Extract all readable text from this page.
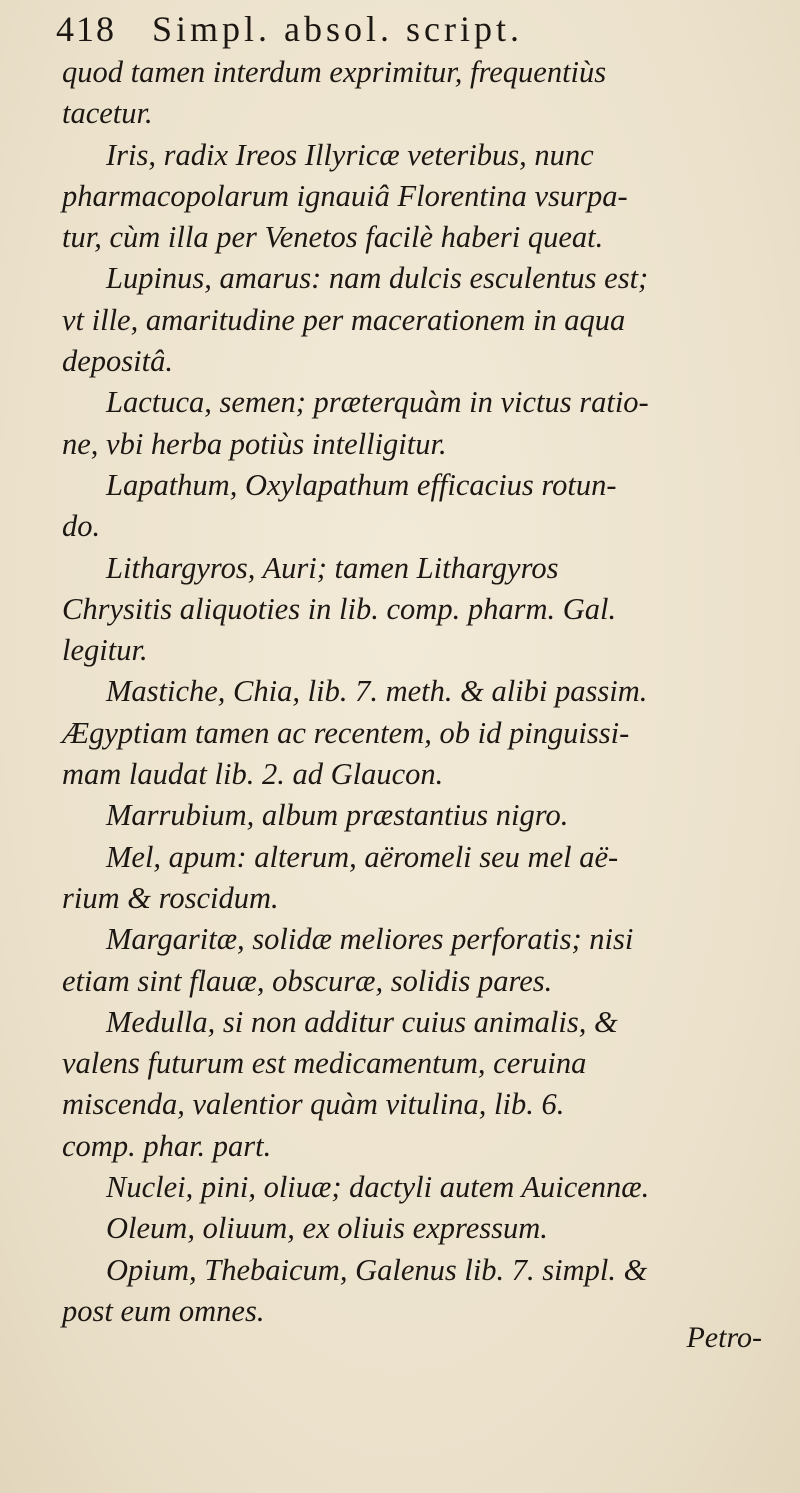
418 Simpl. absol. script.
quod tamen interdum exprimitur, frequentiùs
tacetur.
Iris, radix Ireos Illyricæ veteribus, nunc
pharmacopolarum ignauiâ Florentina vsurpa-
tur, cùm illa per Venetos facilè haberi queat.
Lupinus, amarus: nam dulcis esculentus est;
vt ille, amaritudine per macerationem in aqua
depositâ.
Lactuca, semen; præterquàm in victus ratio-
ne, vbi herba potiùs intelligitur.
Lapathum, Oxylapathum efficacius rotun-
do.
Lithargyros, Auri; tamen Lithargyros
Chrysitis aliquoties in lib. comp. pharm. Gal.
legitur.
Mastiche, Chia, lib. 7. meth. & alibi passim.
Ægyptiam tamen ac recentem, ob id pinguissi-
mam laudat lib. 2. ad Glaucon.
Marrubium, album præstantius nigro.
Mel, apum: alterum, aëromeli seu mel aë-
rium & roscidum.
Margaritæ, solidæ meliores perforatis; nisi
etiam sint flauæ, obscuræ, solidis pares.
Medulla, si non additur cuius animalis, &
valens futurum est medicamentum, ceruina
miscenda, valentior quàm vitulina, lib. 6.
comp. phar. part.
Nuclei, pini, oliuæ; dactyli autem Auicennæ.
Oleum, oliuum, ex oliuis expressum.
Opium, Thebaicum, Galenus lib. 7. simpl. &
post eum omnes.
Petro-
